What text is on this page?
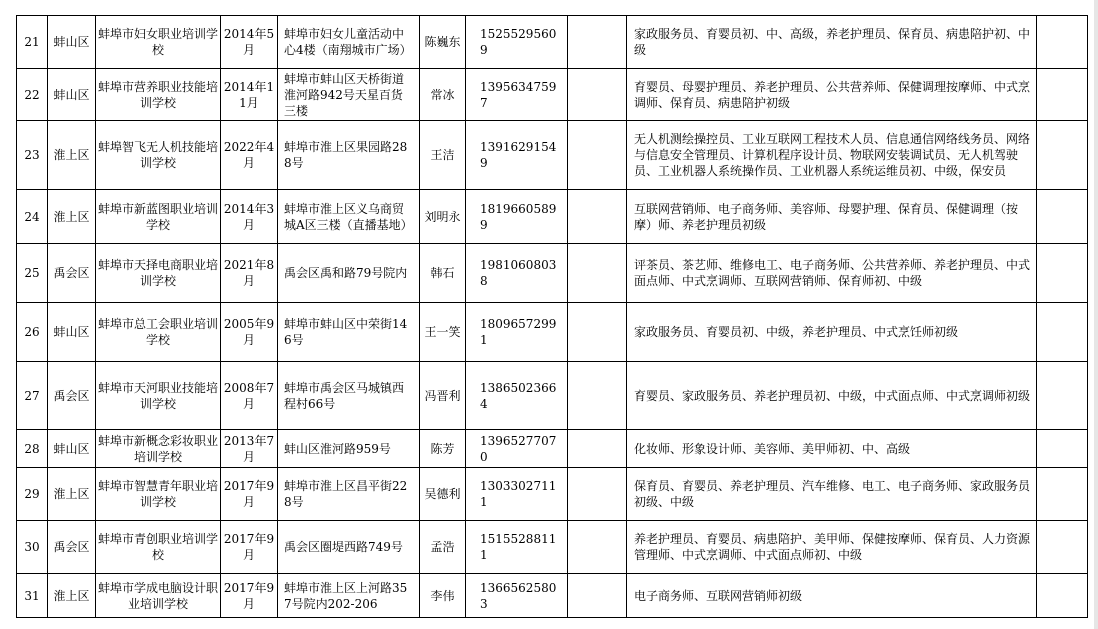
21	蚌山区	蚌埠市妇女职业培训学校	2014年5月	蚌埠市妇女儿童活动中心4楼（南翔城市广场）	陈巍东	15255295609		家政服务员、育婴员初、中、高级，养老护理员、保育员、病患陪护初、中级	
22	蚌山区	蚌埠市营养职业技能培训学校	2014年11月	蚌埠市蚌山区天桥街道淮河路942号天星百货三楼	常冰	13956347597		育婴员、母婴护理员、养老护理员、公共营养师、保健调理按摩师、中式烹调师、保育员、病患陪护初级	
23	淮上区	蚌埠智飞无人机技能培训学校	2022年4月	蚌埠市淮上区果园路288号	王洁	13916291549		无人机测绘操控员、工业互联网工程技术人员、信息通信网络线务员、网络与信息安全管理员、计算机程序设计员、物联网安装调试员、无人机驾驶员、工业机器人系统操作员、工业机器人系统运维员初、中级，保安员	
24	淮上区	蚌埠市新蓝图职业培训学校	2014年3月	蚌埠市淮上区义乌商贸城A区三楼（直播基地）	刘明永	18196605899		互联网营销师、电子商务师、美容师、母婴护理、保育员、保健调理（按摩）师、养老护理员初级	
25	禹会区	蚌埠市天择电商职业培训学校	2021年8月	禹会区禹和路79号院内	韩石	19810608038		评茶员、茶艺师、维修电工、电子商务师、公共营养师、养老护理员、中式面点师、中式烹调师、互联网营销师、保育师初、中级	
26	蚌山区	蚌埠市总工会职业培训学校	2005年9月	蚌埠市蚌山区中荣街146号	王一笑	18096572991		家政服务员、育婴员初、中级，养老护理员、中式烹饪师初级	
27	禹会区	蚌埠市天河职业技能培训学校	2008年7月	蚌埠市禹会区马城镇西程村66号	冯晋利	13865023664		育婴员、家政服务员、养老护理员初、中级，中式面点师、中式烹调师初级	
28	蚌山区	蚌埠市新概念彩妆职业培训学校	2013年7月	蚌山区淮河路959号	陈芳	13965277070		化妆师、形象设计师、美容师、美甲师初、中、高级	
29	淮上区	蚌埠市智慧青年职业培训学校	2017年9月	蚌埠市淮上区昌平街228号	吴德利	13033027111		保育员、育婴员、养老护理员、汽车维修、电工、电子商务师、家政服务员初级、中级	
30	禹会区	蚌埠市青创职业培训学校	2017年9月	禹会区圈堤西路749号	孟浩	15155288111		养老护理员、育婴员、病患陪护、美甲师、保健按摩师、保育员、人力资源管理师、中式烹调师、中式面点师初、中级	
31	淮上区	蚌埠市学成电脑设计职业培训学校	2017年9月	蚌埠市淮上区上河路357号院内202-206	李伟	13665625803		电子商务师、互联网营销师初级	
